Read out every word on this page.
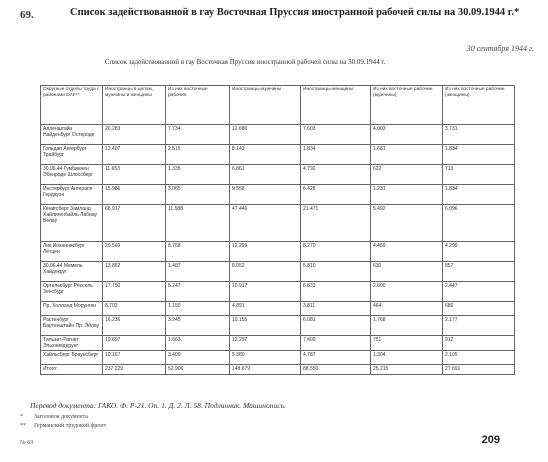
69.	Список задействованной в гау Восточная Пруссия иностранной рабочей силы на 30.09.1944 г.*
30 сентября 1944 г.
Список задействованной в гау Восточная Пруссия иностранной рабочей силы на 30.09.1944 г.
Округные отделы труда с районами DAF**	Иностранцы в целом, мужчины и женщины	Из них восточные рабочие	Иностранцы-мужчины	Иностранцы-женщины	Из них восточные рабочие (мужчины)	Из них восточные рабочие (женщины)
Алленштайн Найденбург Остероде	20.283	7.734	12.680	7.603	4.003	3.731
Гольдап Ангербург Трайбург	13.407	2.515	8.143	1.834	1.681	1.834
30.06.44 Гумбиннен Эбенроде Шлоссберг	11.653	1.335	6.861	4.792	622	713
Инстербург Ангерапп Гердауэн	15.986	3.065	9.558	6.428	1.231	1.834
Кёнигсберг Замланд Хайлигенбайль Лабиау Велау	68.917	11.588	47.446	21.471	5.492	6.096
Лик Иоханнисбург Лётцен	20.569	8.768	12.299	8.270	4.469	4.299
30.06.44 Мемель Хайдекруг	13.862	1.487	8.052	5.810	630	857
Ортельсбург Рёссель Зенсбург	17.750	5.247	10.917	6.833	2.800	2.447
Пр. Холланд Морунген	8.702	1.150	4.891	3.811	464	686
Растенбург Бартенштайн Пр. Эйлау	16.236	3.945	10.155	6.081	1.768	2.177
Тильзит-Рагнит Эльхниедерунг	19.697	1.663	12.297	7.400	751	912
Хайльсберг Браунсберг	10.167	3.409	5.380	4.787	1.304	2.105
Итого:	237.229	52.906	148.679	88.550	25.215	27.691
Перевод документа: ГАКО. Ф. Р-21. Оп. 1. Д. 2. Л. 58. Подлинник. Машинопись.
* Заголовок документа
** Германский трудовой фронт
№ 69	209
